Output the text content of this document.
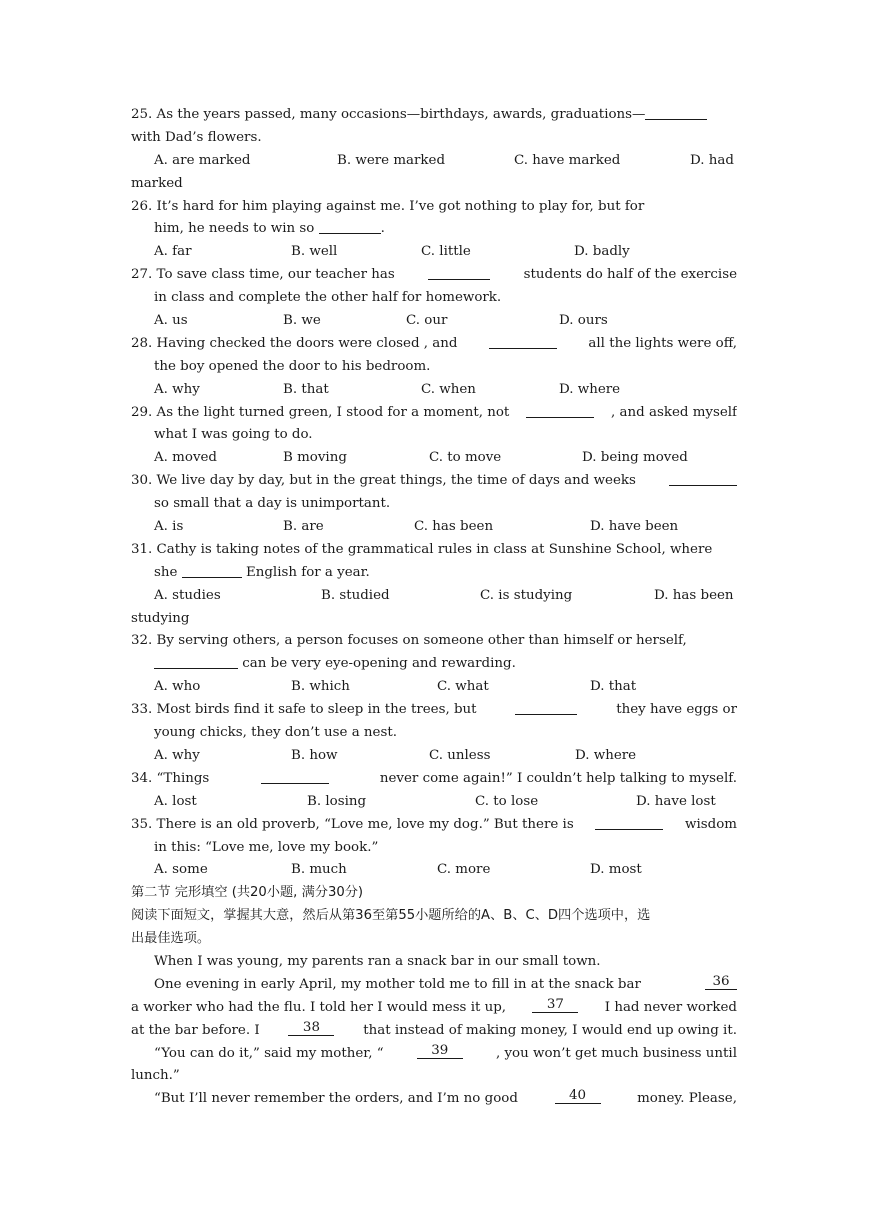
25. As the years passed, many occasions—birthdays, awards, graduations—
with Dad’s flowers.
A. are marked	B. were marked	C. have marked	D. had
marked
26. It’s hard for him playing against me. I’ve got nothing to play for, but for
him, he needs to win so
	.
A. far	B. well	C. little	D. badly
27. To save class time, our teacher has	students do half of the exercise
in class and complete the other half for homework.
A. us	B. we	C. our	D. ours
28. Having checked the doors were closed , and	all the lights were off,
the boy opened the door to his bedroom.
A. why	B. that	C. when	D. where
29. As the light turned green, I stood for a moment, not	, and asked myself
what I was going to do.
A. moved	B moving	C. to move	D. being moved
30. We live day by day, but in the great things, the time of days and weeks
so small that a day is unimportant.
A. is	B. are	C. has been	D. have been
31. Cathy is taking notes of the grammatical rules in class at Sunshine School, where
she

	English for a year.
A. studies	B. studied	C. is studying	D. has been
studying
32. By serving others, a person focuses on someone other than himself or herself,

can be very eye-opening and rewarding.
A. who	B. which	C. what	D. that
33. Most birds find it safe to sleep in the trees, but	they have eggs or
young chicks, they don’t use a nest.
A. why	B. how	C. unless	D. where
34. “Things	never come again!” I couldn’t help talking to myself.
A. lost	B. losing	C. to lose	D. have lost
35. There is an old proverb, “Love me, love my dog.” But there is	wisdom
in this: “Love me, love my book.”
A. some	B. much	C. more	D. most
第二节 完形填空 (共20小题, 满分30分)
阅读下面短文，掌握其大意，然后从第36至第55小题所给的A、B、C、D四个选项中，选
出最佳选项。
When I was young, my parents ran a snack bar in our small town.
One evening in early April, my mother told me to fill in at the snack bar	36
a worker who had the flu. I told her I would mess it up,	37	I had never worked
at the bar before. I	38	that instead of making money, I would end up owing it.
“You can do it,” said my mother, “	39	, you won’t get much business until
lunch.”
“But I’ll never remember the orders, and I’m no good	40	money. Please,
